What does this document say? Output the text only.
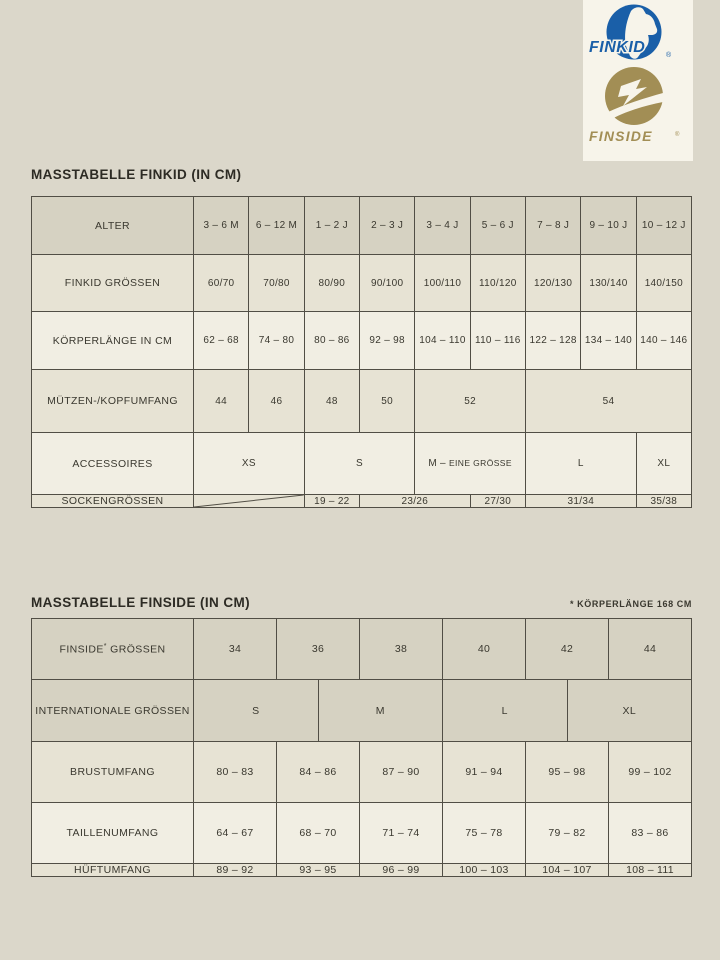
FINKID	®
FINSIDE	®
MASSTABELLE FINKID (IN CM)
ALTER	3 – 6 M	6 – 12 M	1 – 2 J	2 – 3 J	3 – 4 J	5 – 6 J	7 – 8 J	9 – 10 J	10 – 12 J
FINKID GRÖSSEN	60/70	70/80	80/90	90/100	100/110	110/120	120/130	130/140	140/150
KÖRPERLÄNGE IN CM	62 – 68	74 – 80	80 – 86	92 – 98	104 – 110	110 – 116	122 – 128	134 – 140	140 – 146
MÜTZEN-/KOPFUMFANG	44	46	48	50	52		54		
ACCESSOIRES	XS		S		M – EINE GRÖSSE		L		XL
SOCKENGRÖSSEN			19 – 22	23/26		27/30	31/34		35/38
MASSTABELLE FINSIDE (IN CM)	* KÖRPERLÄNGE 168 CM
FINSIDE* GRÖSSEN	34	36		38	40	42		44
INTERNATIONALE GRÖSSEN	S		M		L		XL	
BRUSTUMFANG	80 – 83	84 – 86		87 – 90	91 – 94	95 – 98		99 – 102
TAILLENUMFANG	64 – 67	68 – 70		71 – 74	75 – 78	79 – 82		83 – 86
HÜFTUMFANG	89 – 92	93 – 95		96 – 99	100 – 103	104 – 107		108 – 111
